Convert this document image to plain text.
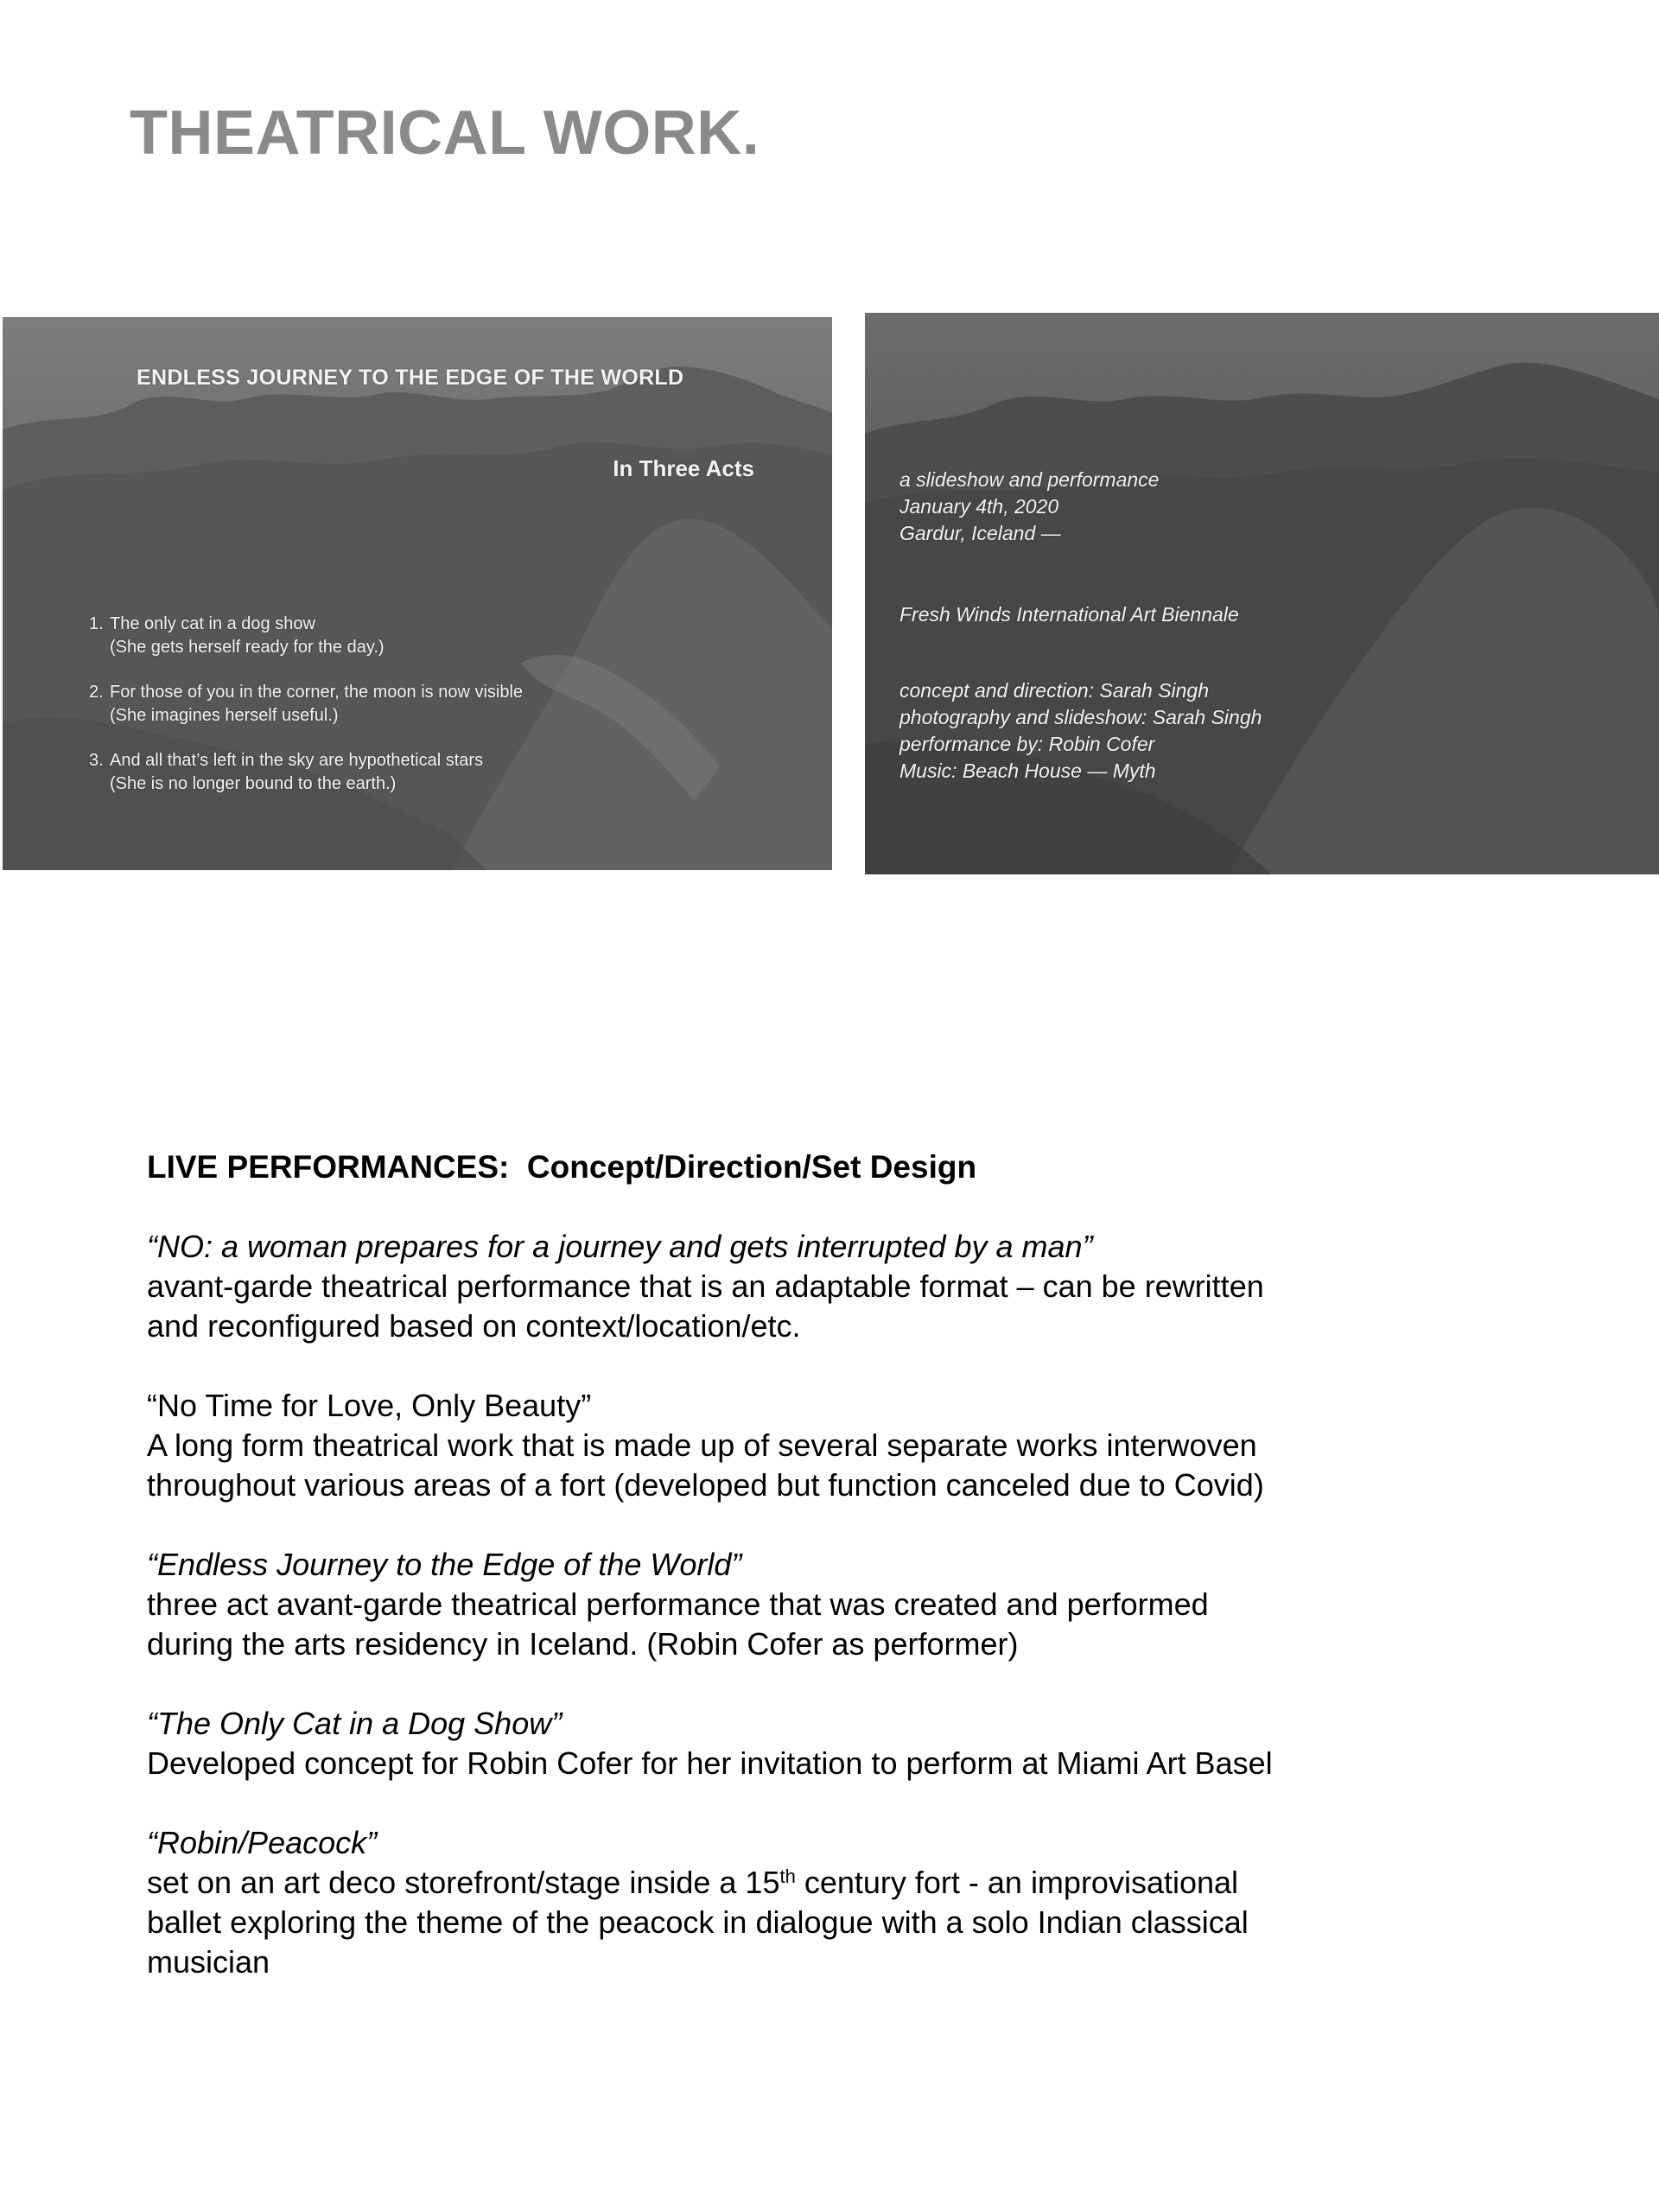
THEATRICAL WORK.
ENDLESS JOURNEY TO THE EDGE OF THE WORLD
In Three Acts
1. The only cat in a dog show
(She gets herself ready for the day.)
2. For those of you in the corner, the moon is now visible
(She imagines herself useful.)
3. And all that’s left in the sky are hypothetical stars
(She is no longer bound to the earth.)
a slideshow and performance
January 4th, 2020
Gardur, Iceland —
Fresh Winds International Art Biennale
concept and direction: Sarah Singh
photography and slideshow: Sarah Singh
performance by: Robin Cofer
Music: Beach House — Myth
LIVE PERFORMANCES:  Concept/Direction/Set Design
“NO: a woman prepares for a journey and gets interrupted by a man”
avant-garde theatrical performance that is an adaptable format – can be rewritten
and reconfigured based on context/location/etc.
“No Time for Love, Only Beauty”
A long form theatrical work that is made up of several separate works interwoven
throughout various areas of a fort (developed but function canceled due to Covid)
“Endless Journey to the Edge of the World”
three act avant-garde theatrical performance that was created and performed
during the arts residency in Iceland. (Robin Cofer as performer)
“The Only Cat in a Dog Show”
Developed concept for Robin Cofer for her invitation to perform at Miami Art Basel
“Robin/Peacock”
set on an art deco storefront/stage inside a 15th century fort - an improvisational
ballet exploring the theme of the peacock in dialogue with a solo Indian classical
musician
